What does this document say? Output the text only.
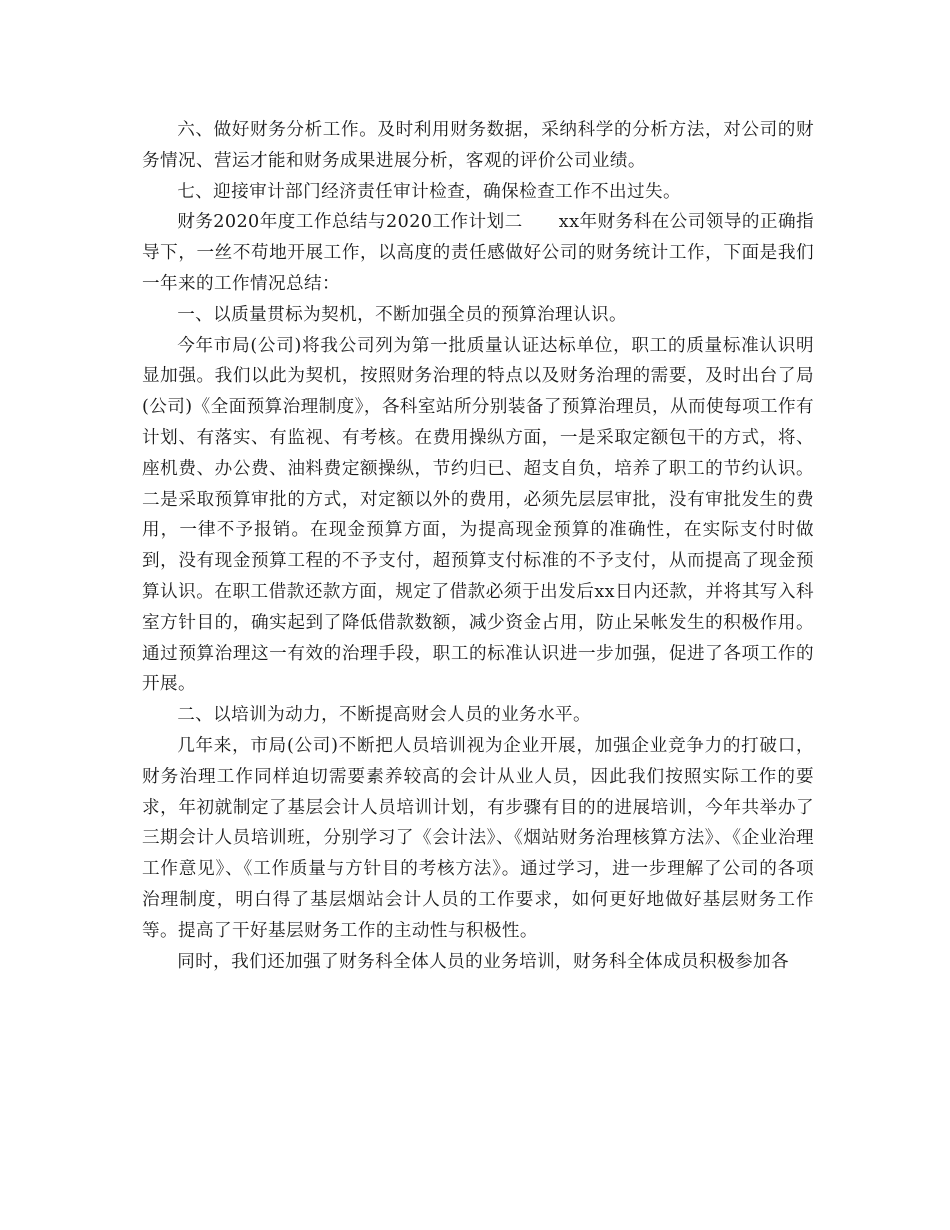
六、做好财务分析工作。及时利用财务数据，采纳科学的分析方法，对公司的财务情况、营运才能和财务成果进展分析，客观的评价公司业绩。

七、迎接审计部门经济责任审计检查，确保检查工作不出过失。

财务2020年度工作总结与2020工作计划二　　xx年财务科在公司领导的正确指导下，一丝不苟地开展工作，以高度的责任感做好公司的财务统计工作，下面是我们一年来的工作情况总结：

一、以质量贯标为契机，不断加强全员的预算治理认识。

今年市局(公司)将我公司列为第一批质量认证达标单位，职工的质量标准认识明显加强。我们以此为契机，按照财务治理的特点以及财务治理的需要，及时出台了局(公司)《全面预算治理制度》，各科室站所分别装备了预算治理员，从而使每项工作有计划、有落实、有监视、有考核。在费用操纵方面，一是采取定额包干的方式，将、座机费、办公费、油料费定额操纵，节约归已、超支自负，培养了职工的节约认识。二是采取预算审批的方式，对定额以外的费用，必须先层层审批，没有审批发生的费用，一律不予报销。在现金预算方面，为提高现金预算的准确性，在实际支付时做到，没有现金预算工程的不予支付，超预算支付标准的不予支付，从而提高了现金预算认识。在职工借款还款方面，规定了借款必须于出发后xx日内还款，并将其写入科室方针目的，确实起到了降低借款数额，减少资金占用，防止呆帐发生的积极作用。通过预算治理这一有效的治理手段，职工的标准认识进一步加强，促进了各项工作的开展。

二、以培训为动力，不断提高财会人员的业务水平。

几年来，市局(公司)不断把人员培训视为企业开展，加强企业竞争力的打破口，财务治理工作同样迫切需要素养较高的会计从业人员，因此我们按照实际工作的要求，年初就制定了基层会计人员培训计划，有步骤有目的的进展培训，今年共举办了三期会计人员培训班，分别学习了《会计法》、《烟站财务治理核算方法》、《企业治理工作意见》、《工作质量与方针目的考核方法》。通过学习，进一步理解了公司的各项治理制度，明白得了基层烟站会计人员的工作要求，如何更好地做好基层财务工作等。提高了干好基层财务工作的主动性与积极性。

同时，我们还加强了财务科全体人员的业务培训，财务科全体成员积极参加各
